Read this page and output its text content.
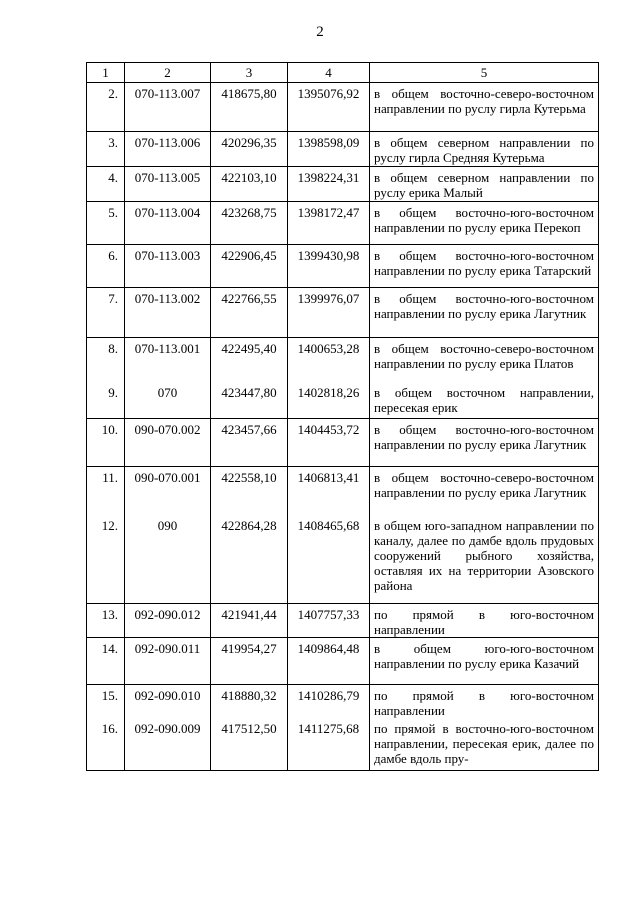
2
1	2	3	4	5
2.	070-113.007	418675,80	1395076,92	в общем восточно-северо-восточном направлении по руслу гирла Кутерьма
3.	070-113.006	420296,35	1398598,09	в общем северном направлении по руслу гирла Средняя Кутерьма
4.	070-113.005	422103,10	1398224,31	в общем северном направлении по руслу ерика Малый
5.	070-113.004	423268,75	1398172,47	в общем восточно-юго-восточном направлении по руслу ерика Перекоп
6.	070-113.003	422906,45	1399430,98	в общем восточно-юго-восточном направлении по руслу ерика Татарский
7.	070-113.002	422766,55	1399976,07	в общем восточно-юго-восточном направлении по руслу ерика Лагутник
8.	070-113.001	422495,40	1400653,28	в общем восточно-северо-восточном направлении по руслу ерика Платов
9.	070	423447,80	1402818,26	в общем восточном направлении, пересекая ерик
10.	090-070.002	423457,66	1404453,72	в общем восточно-юго-восточном направлении по руслу ерика Лагутник
11.	090-070.001	422558,10	1406813,41	в общем восточно-северо-восточном направлении по руслу ерика Лагутник
12.	090	422864,28	1408465,68	в общем юго-западном направлении по каналу, далее по дамбе вдоль прудовых сооружений рыбного хозяйства, оставляя их на территории Азовского района
13.	092-090.012	421941,44	1407757,33	по прямой в юго-восточном направлении
14.	092-090.011	419954,27	1409864,48	в общем юго-юго-восточном направлении по руслу ерика Казачий
15.	092-090.010	418880,32	1410286,79	по прямой в юго-восточном направлении
16.	092-090.009	417512,50	1411275,68	по прямой в восточно-юго-восточном направлении, пересекая ерик, далее по дамбе вдоль пру-
